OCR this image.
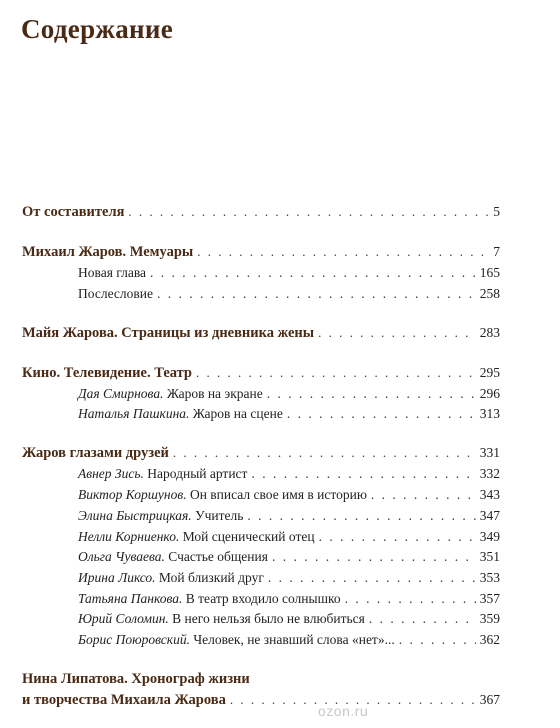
Содержание
От составителя . . .	5
Михаил Жаров. Мемуары . . .	7
Новая глава . . .	165
Послесловие . . .	258
Майя Жарова. Страницы из дневника жены . . .	283
Кино. Телевидение. Театр . . .	295
Дая Смирнова. Жаров на экране . . .	296
Наталья Пашкина. Жаров на сцене . . .	313
Жаров глазами друзей . . .	331
Авнер Зись. Народный артист . . .	332
Виктор Коршунов. Он вписал свое имя в историю . . .	343
Элина Быстрицкая. Учитель . . .	347
Нелли Корниенко. Мой сценический отец . . .	349
Ольга Чуваева. Счастье общения . . .	351
Ирина Ликсо. Мой близкий друг . . .	353
Татьяна Панкова. В театр входило солнышко . . .	357
Юрий Соломин. В него нельзя было не влюбиться . . .	359
Борис Поюровский. Человек, не знавший слова «нет»... . . .	362
Нина Липатова. Хронограф жизни
и творчества Михаила Жарова . . .	367
ozon.ru
